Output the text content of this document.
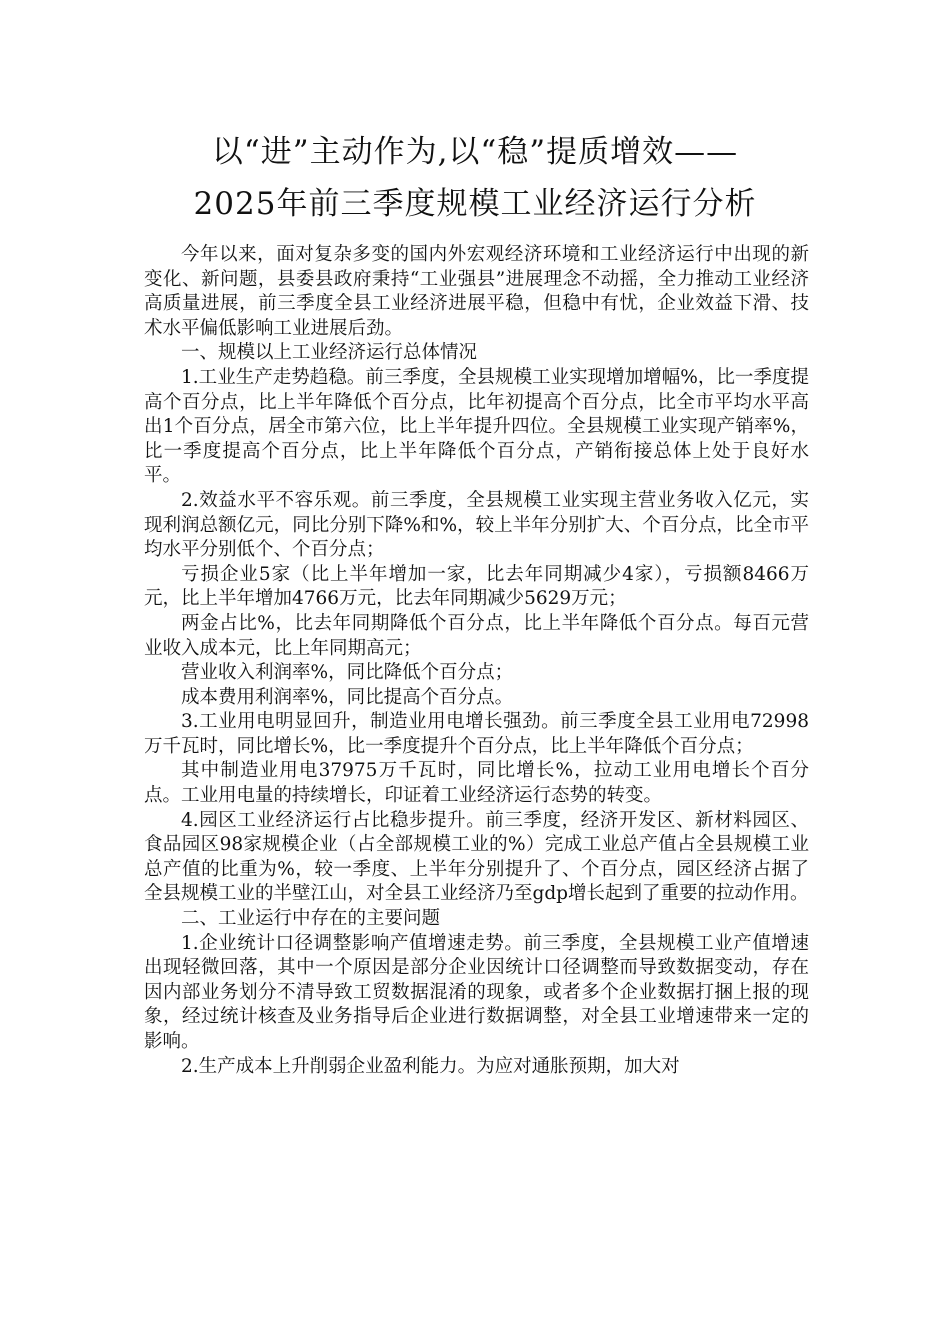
以“进”主动作为,以“稳”提质增效——
2025年前三季度规模工业经济运行分析

今年以来，面对复杂多变的国内外宏观经济环境和工业经济运行中出现的新变化、新问题，县委县政府秉持“工业强县”进展理念不动摇，全力推动工业经济高质量进展，前三季度全县工业经济进展平稳，但稳中有忧，企业效益下滑、技术水平偏低影响工业进展后劲。

一、规模以上工业经济运行总体情况

1.工业生产走势趋稳。前三季度，全县规模工业实现增加增幅%，比一季度提高个百分点，比上半年降低个百分点，比年初提高个百分点，比全市平均水平高出1个百分点，居全市第六位，比上半年提升四位。全县规模工业实现产销率%，比一季度提高个百分点，比上半年降低个百分点，产销衔接总体上处于良好水平。

2.效益水平不容乐观。前三季度，全县规模工业实现主营业务收入亿元，实现利润总额亿元，同比分别下降%和%，较上半年分别扩大、个百分点，比全市平均水平分别低个、个百分点；

亏损企业5家（比上半年增加一家，比去年同期减少4家），亏损额8466万元，比上半年增加4766万元，比去年同期减少5629万元；

两金占比%，比去年同期降低个百分点，比上半年降低个百分点。每百元营业收入成本元，比上年同期高元；

营业收入利润率%，同比降低个百分点；

成本费用利润率%，同比提高个百分点。

3.工业用电明显回升，制造业用电增长强劲。前三季度全县工业用电72998万千瓦时，同比增长%，比一季度提升个百分点，比上半年降低个百分点；

其中制造业用电37975万千瓦时，同比增长%，拉动工业用电增长个百分点。工业用电量的持续增长，印证着工业经济运行态势的转变。

4.园区工业经济运行占比稳步提升。前三季度，经济开发区、新材料园区、食品园区98家规模企业（占全部规模工业的%）完成工业总产值占全县规模工业总产值的比重为%，较一季度、上半年分别提升了、个百分点，园区经济占据了全县规模工业的半壁江山，对全县工业经济乃至gdp增长起到了重要的拉动作用。

二、工业运行中存在的主要问题

1.企业统计口径调整影响产值增速走势。前三季度，全县规模工业产值增速出现轻微回落，其中一个原因是部分企业因统计口径调整而导致数据变动，存在因内部业务划分不清导致工贸数据混淆的现象，或者多个企业数据打捆上报的现象，经过统计核查及业务指导后企业进行数据调整，对全县工业增速带来一定的影响。

2.生产成本上升削弱企业盈利能力。为应对通胀预期，加大对
